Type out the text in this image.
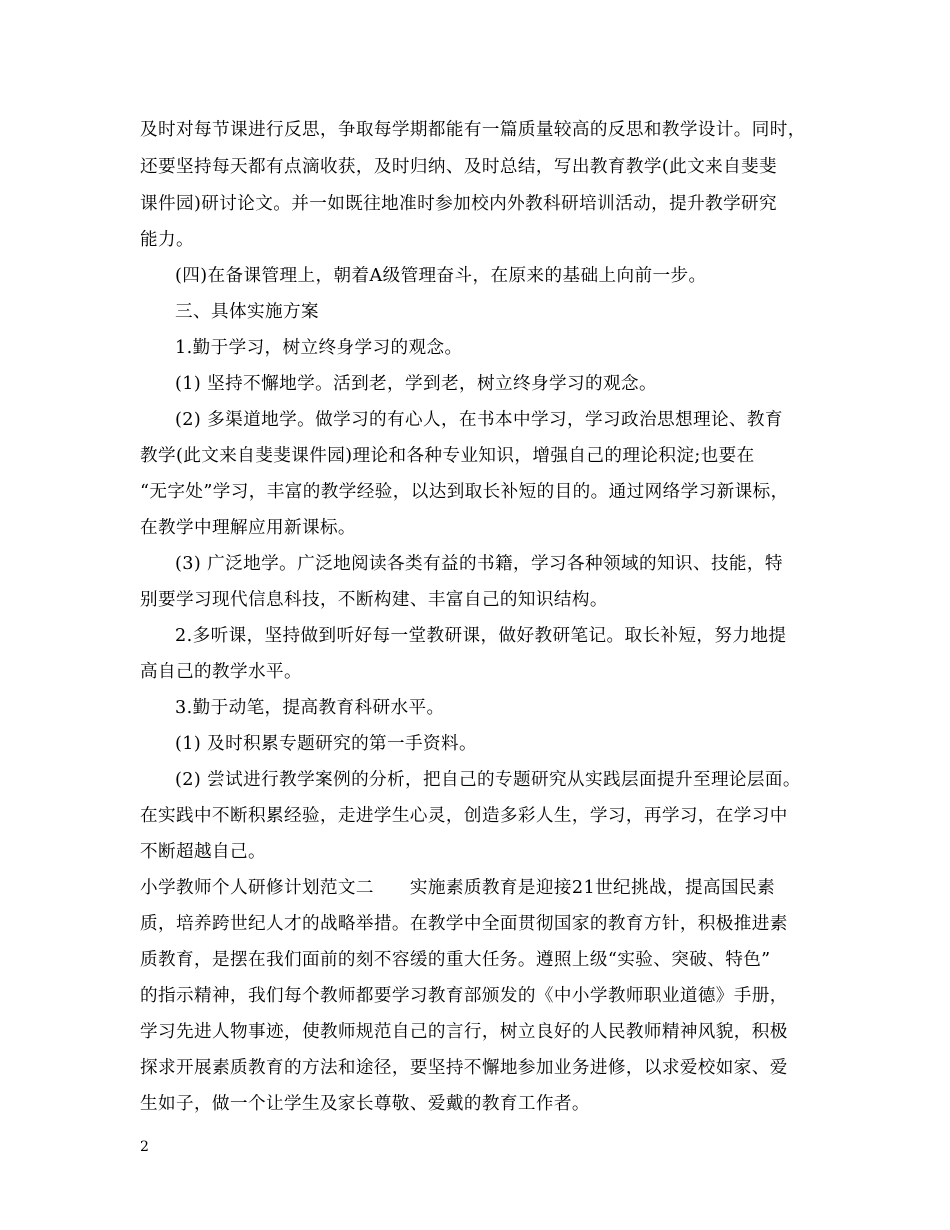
及时对每节课进行反思，争取每学期都能有一篇质量较高的反思和教学设计。同时，
还要坚持每天都有点滴收获，及时归纳、及时总结，写出教育教学(此文来自斐斐
课件园)研讨论文。并一如既往地准时参加校内外教科研培训活动，提升教学研究
能力。
(四)在备课管理上，朝着A级管理奋斗，在原来的基础上向前一步。
三、具体实施方案
1.勤于学习，树立终身学习的观念。
(1) 坚持不懈地学。活到老，学到老，树立终身学习的观念。
(2) 多渠道地学。做学习的有心人，在书本中学习，学习政治思想理论、教育
教学(此文来自斐斐课件园)理论和各种专业知识，增强自己的理论积淀;也要在
“无字处”学习，丰富的教学经验，以达到取长补短的目的。通过网络学习新课标，
在教学中理解应用新课标。
(3) 广泛地学。广泛地阅读各类有益的书籍，学习各种领域的知识、技能，特
别要学习现代信息科技，不断构建、丰富自己的知识结构。
2.多听课，坚持做到听好每一堂教研课，做好教研笔记。取长补短，努力地提
高自己的教学水平。
3.勤于动笔，提高教育科研水平。
(1) 及时积累专题研究的第一手资料。
(2) 尝试进行教学案例的分析，把自己的专题研究从实践层面提升至理论层面。
在实践中不断积累经验，走进学生心灵，创造多彩人生，学习，再学习，在学习中
不断超越自己。
小学教师个人研修计划范文二　　实施素质教育是迎接21世纪挑战，提高国民素
质，培养跨世纪人才的战略举措。在教学中全面贯彻国家的教育方针，积极推进素
质教育，是摆在我们面前的刻不容缓的重大任务。遵照上级“实验、突破、特色”
的指示精神，我们每个教师都要学习教育部颁发的《中小学教师职业道德》手册，
学习先进人物事迹，使教师规范自己的言行，树立良好的人民教师精神风貌，积极
探求开展素质教育的方法和途径，要坚持不懈地参加业务进修，以求爱校如家、爱
生如子，做一个让学生及家长尊敬、爱戴的教育工作者。
2
